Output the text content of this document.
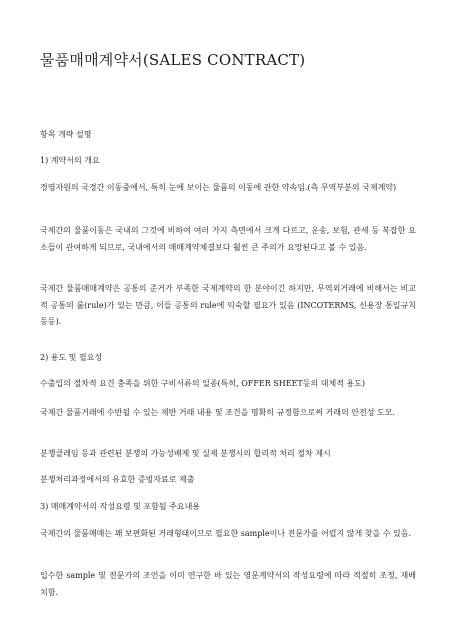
물품매매계약서(SALES CONTRACT)
항목 개략 설명
1) 계약서의 개요
경영자원의 국경간 이동중에서, 특히 눈에 보이는 물품의 이동에 관한 약속임.(측 무역부분의 국제계약)
국제간의 물품이동은 국내의 그것에 비하여 여러 가지 측면에서 크게 다르고, 운송, 보험, 관세 등 복잡한 요소들이 관여하게 되므로, 국내에서의 매매계약체결보다 훨씬 큰 주의가 요망된다고 볼 수 있음.
국제간 물품매매계약은 공통의 준거가 부족한 국제계약의 한 분야이긴 하지만, 무역외거래에 비해서는 비교적 공통의 룰(rule)가 있는 만큼, 이들 공통의 rule에 익숙할 필요가 있음 (INCOTERMS, 신용장 통일규칙 등등).
2) 용도 및 필요성
수출입의 절차적 요건 충족을 위한 구비서류의 일종(특히, OFFER SHEET등의 대체적 용도)
국제간 물품거래에 수반될 수 있는 제반 거래 내용 및 조건을 명확히 규정함으로써 거래의 안전성 도모.
분쟁클레임 등과 관련된 분쟁의 가능성배제 및 실제 분쟁시의 합리적 처리 절차 제시
분쟁처리과정에서의 유효한 증빙자료로 제출
3) 매매계약서의 작성요령 및 포함될 주요내용
국제간의 물품매매는 꽤 보편화된 거래형태이므로 필요한 sample이나 전문가를 어렵지 않게 찾을 수 있음.
입수한 sample 및 전문가의 조언을 이미 연구한 바 있는 영문계약서의 작성요령에 따라 적절히 조정, 재배치함.
